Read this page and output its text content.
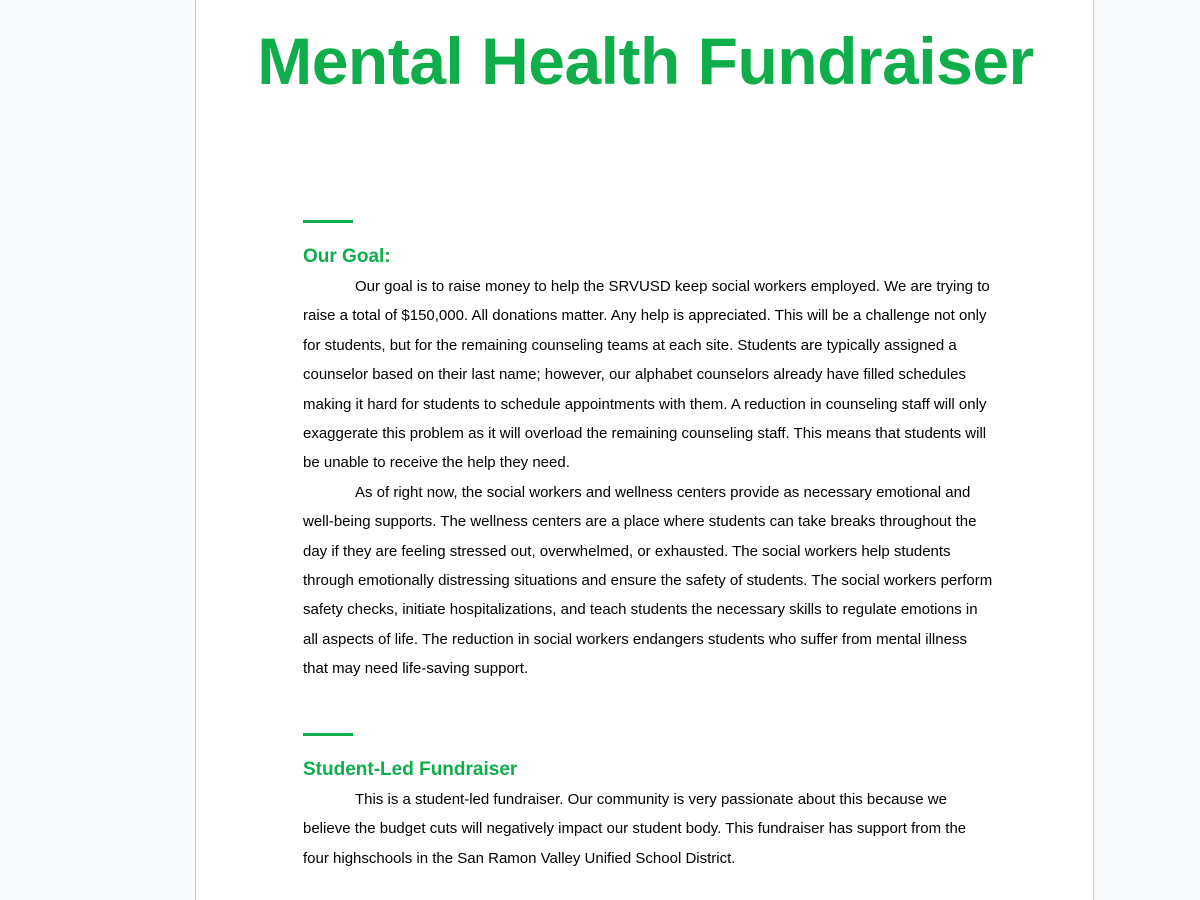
Mental Health Fundraiser
Our Goal:

Our goal is to raise money to help the SRVUSD keep social workers employed. We are trying to raise a total of $150,000. All donations matter. Any help is appreciated. This will be a challenge not only for students, but for the remaining counseling teams at each site. Students are typically assigned a counselor based on their last name; however, our alphabet counselors already have filled schedules making it hard for students to schedule appointments with them. A reduction in counseling staff will only exaggerate this problem as it will overload the remaining counseling staff. This means that students will be unable to receive the help they need.

As of right now, the social workers and wellness centers provide as necessary emotional and well-being supports. The wellness centers are a place where students can take breaks throughout the day if they are feeling stressed out, overwhelmed, or exhausted. The social workers help students through emotionally distressing situations and ensure the safety of students. The social workers perform safety checks, initiate hospitalizations, and teach students the necessary skills to regulate emotions in all aspects of life. The reduction in social workers endangers students who suffer from mental illness that may need life-saving support.

Student-Led Fundraiser

This is a student-led fundraiser. Our community is very passionate about this because we believe the budget cuts will negatively impact our student body. This fundraiser has support from the four highschools in the San Ramon Valley Unified School District.
